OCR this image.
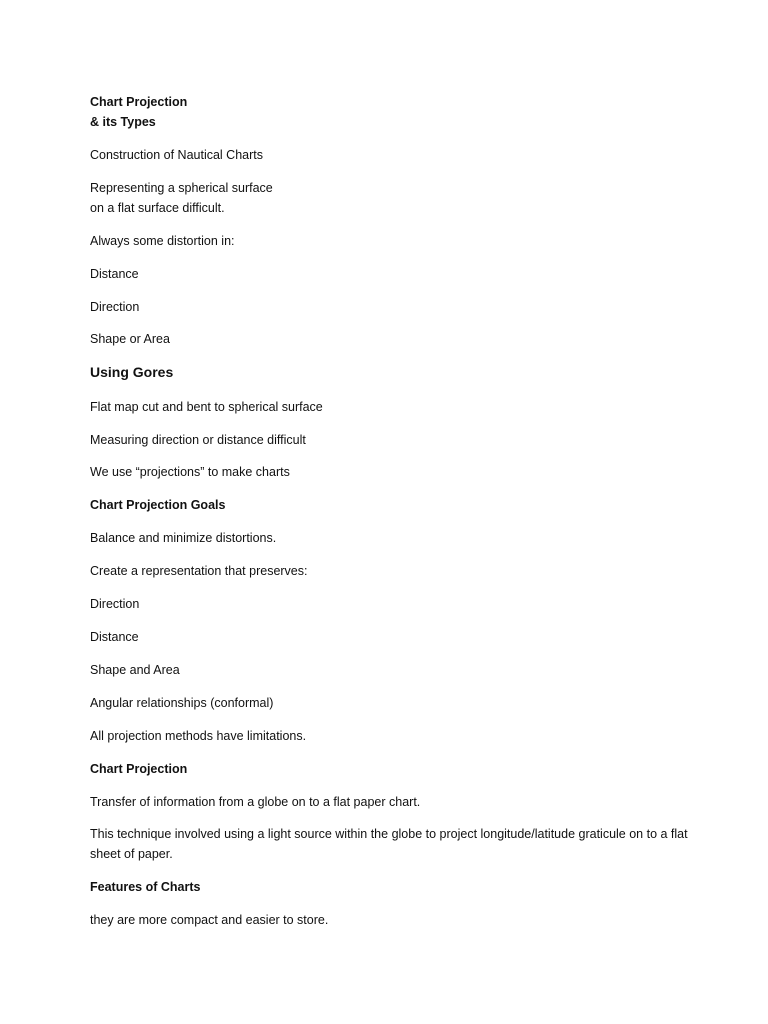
Chart Projection
& its Types
Construction of Nautical Charts
Representing a spherical surface
on a flat surface difficult.
Always some distortion in:
Distance
Direction
Shape or Area
Using Gores
Flat map cut and bent to spherical surface
Measuring direction or distance difficult
We use “projections” to make charts
Chart Projection Goals
Balance and minimize distortions.
Create a representation that preserves:
Direction
Distance
Shape and Area
Angular relationships (conformal)
All projection methods have limitations.
Chart Projection
Transfer of information from a globe on to a flat paper chart.
This technique involved using a light source within the globe to project longitude/latitude graticule on to a flat sheet of paper.
Features of Charts
they are more compact and easier to store.
